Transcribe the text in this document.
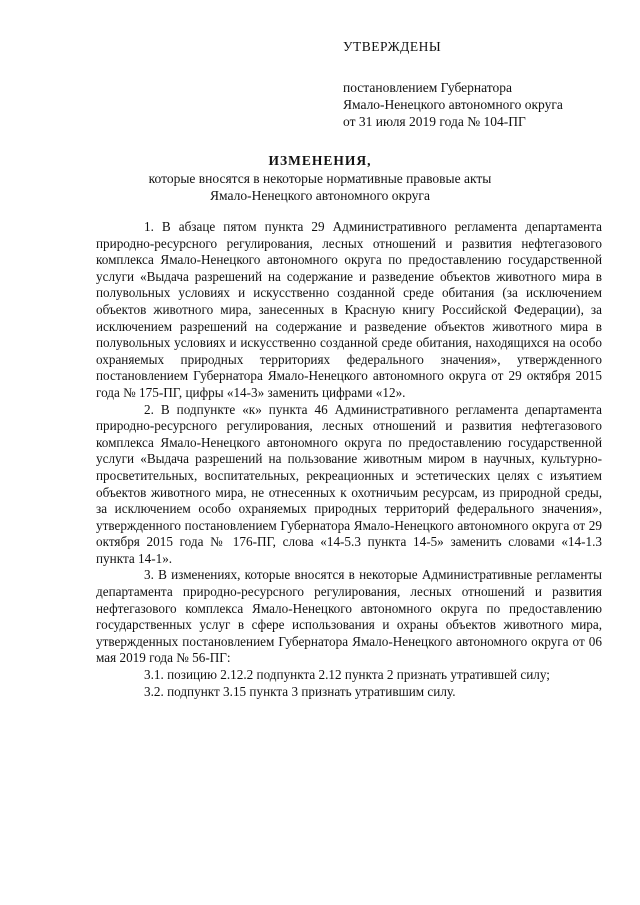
УТВЕРЖДЕНЫ
постановлением Губернатора
Ямало-Ненецкого автономного округа
от 31 июля 2019 года № 104-ПГ
ИЗМЕНЕНИЯ,
которые вносятся в некоторые нормативные правовые акты
Ямало-Ненецкого автономного округа

1. В абзаце пятом пункта 29 Административного регламента департамента природно-ресурсного регулирования, лесных отношений и развития нефтегазового комплекса Ямало-Ненецкого автономного округа по предоставлению государственной услуги «Выдача разрешений на содержание и разведение объектов животного мира в полувольных условиях и искусственно созданной среде обитания (за исключением объектов животного мира, занесенных в Красную книгу Российской Федерации), за исключением разрешений на содержание и разведение объектов животного мира в полувольных условиях и искусственно созданной среде обитания, находящихся на особо охраняемых природных территориях федерального значения», утвержденного постановлением Губернатора Ямало-Ненецкого автономного округа от 29 октября 2015 года № 175-ПГ, цифры «14-3» заменить цифрами «12».

2. В подпункте «к» пункта 46 Административного регламента департамента природно-ресурсного регулирования, лесных отношений и развития нефтегазового комплекса Ямало-Ненецкого автономного округа по предоставлению государственной услуги «Выдача разрешений на пользование животным миром в научных, культурно-просветительных, воспитательных, рекреационных и эстетических целях с изъятием объектов животного мира, не отнесенных к охотничьим ресурсам, из природной среды, за исключением особо охраняемых природных территорий федерального значения», утвержденного постановлением Губернатора Ямало-Ненецкого автономного округа от 29 октября 2015 года № 176-ПГ, слова «14-5.3 пункта 14-5» заменить словами «14-1.3 пункта 14-1».

3. В изменениях, которые вносятся в некоторые Административные регламенты департамента природно-ресурсного регулирования, лесных отношений и развития нефтегазового комплекса Ямало-Ненецкого автономного округа по предоставлению государственных услуг в сфере использования и охраны объектов животного мира, утвержденных постановлением Губернатора Ямало-Ненецкого автономного округа от 06 мая 2019 года № 56-ПГ:

3.1. позицию 2.12.2 подпункта 2.12 пункта 2 признать утратившей силу;

3.2. подпункт 3.15 пункта 3 признать утратившим силу.
